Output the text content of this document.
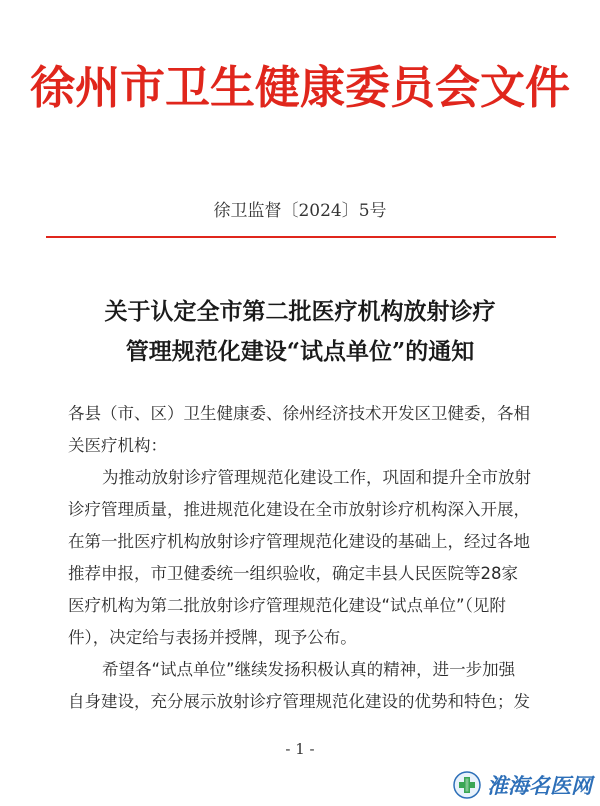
徐州市卫生健康委员会文件
徐卫监督〔2024〕5号
关于认定全市第二批医疗机构放射诊疗
管理规范化建设“试点单位”的通知
各县（市、区）卫生健康委、徐州经济技术开发区卫健委，各相
关医疗机构：
为推动放射诊疗管理规范化建设工作，巩固和提升全市放射
诊疗管理质量，推进规范化建设在全市放射诊疗机构深入开展，
在第一批医疗机构放射诊疗管理规范化建设的基础上，经过各地
推荐申报，市卫健委统一组织验收，确定丰县人民医院等28家
医疗机构为第二批放射诊疗管理规范化建设“试点单位”（见附
件），决定给与表扬并授牌，现予公布。
希望各“试点单位”继续发扬积极认真的精神，进一步加强
自身建设，充分展示放射诊疗管理规范化建设的优势和特色；发
- 1 -
淮海名医网
